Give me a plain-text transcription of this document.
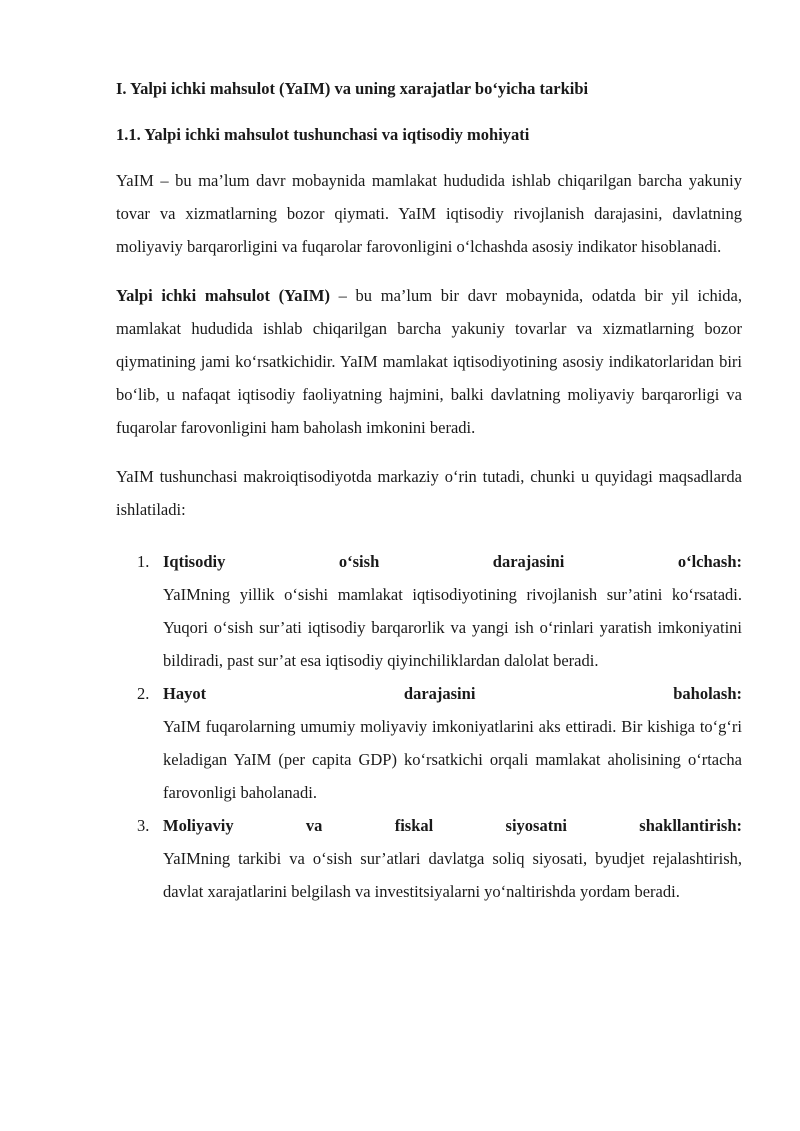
I. Yalpi ichki mahsulot (YaIM) va uning xarajatlar bo‘yicha tarkibi
1.1. Yalpi ichki mahsulot tushunchasi va iqtisodiy mohiyati

YaIM – bu ma’lum davr mobaynida mamlakat hududida ishlab chiqarilgan barcha yakuniy tovar va xizmatlarning bozor qiymati. YaIM iqtisodiy rivojlanish darajasini, davlatning moliyaviy barqarorligini va fuqarolar farovonligini o‘lchashda asosiy indikator hisoblanadi.

Yalpi ichki mahsulot (YaIM) – bu ma’lum bir davr mobaynida, odatda bir yil ichida, mamlakat hududida ishlab chiqarilgan barcha yakuniy tovarlar va xizmatlarning bozor qiymatining jami ko‘rsatkichidir. YaIM mamlakat iqtisodiyotining asosiy indikatorlaridan biri bo‘lib, u nafaqat iqtisodiy faoliyatning hajmini, balki davlatning moliyaviy barqarorligi va fuqarolar farovonligini ham baholash imkonini beradi.

YaIM tushunchasi makroiqtisodiyotda markaziy o‘rin tutadi, chunki u quyidagi maqsadlarda ishlatiladi:

1. Iqtisodiy o‘sish darajasini o‘lchash:
YaIMning yillik o‘sishi mamlakat iqtisodiyotining rivojlanish sur’atini ko‘rsatadi. Yuqori o‘sish sur’ati iqtisodiy barqarorlik va yangi ish o‘rinlari yaratish imkoniyatini bildiradi, past sur’at esa iqtisodiy qiyinchiliklardan dalolat beradi.
2. Hayot darajasini baholash:
YaIM fuqarolarning umumiy moliyaviy imkoniyatlarini aks ettiradi. Bir kishiga to‘g‘ri keladigan YaIM (per capita GDP) ko‘rsatkichi orqali mamlakat aholisining o‘rtacha farovonligi baholanadi.
3. Moliyaviy va fiskal siyosatni shakllantirish:
YaIMning tarkibi va o‘sish sur’atlari davlatga soliq siyosati, byudjet rejalashtirish, davlat xarajatlarini belgilash va investitsiyalarni yo‘naltirishda yordam beradi.
